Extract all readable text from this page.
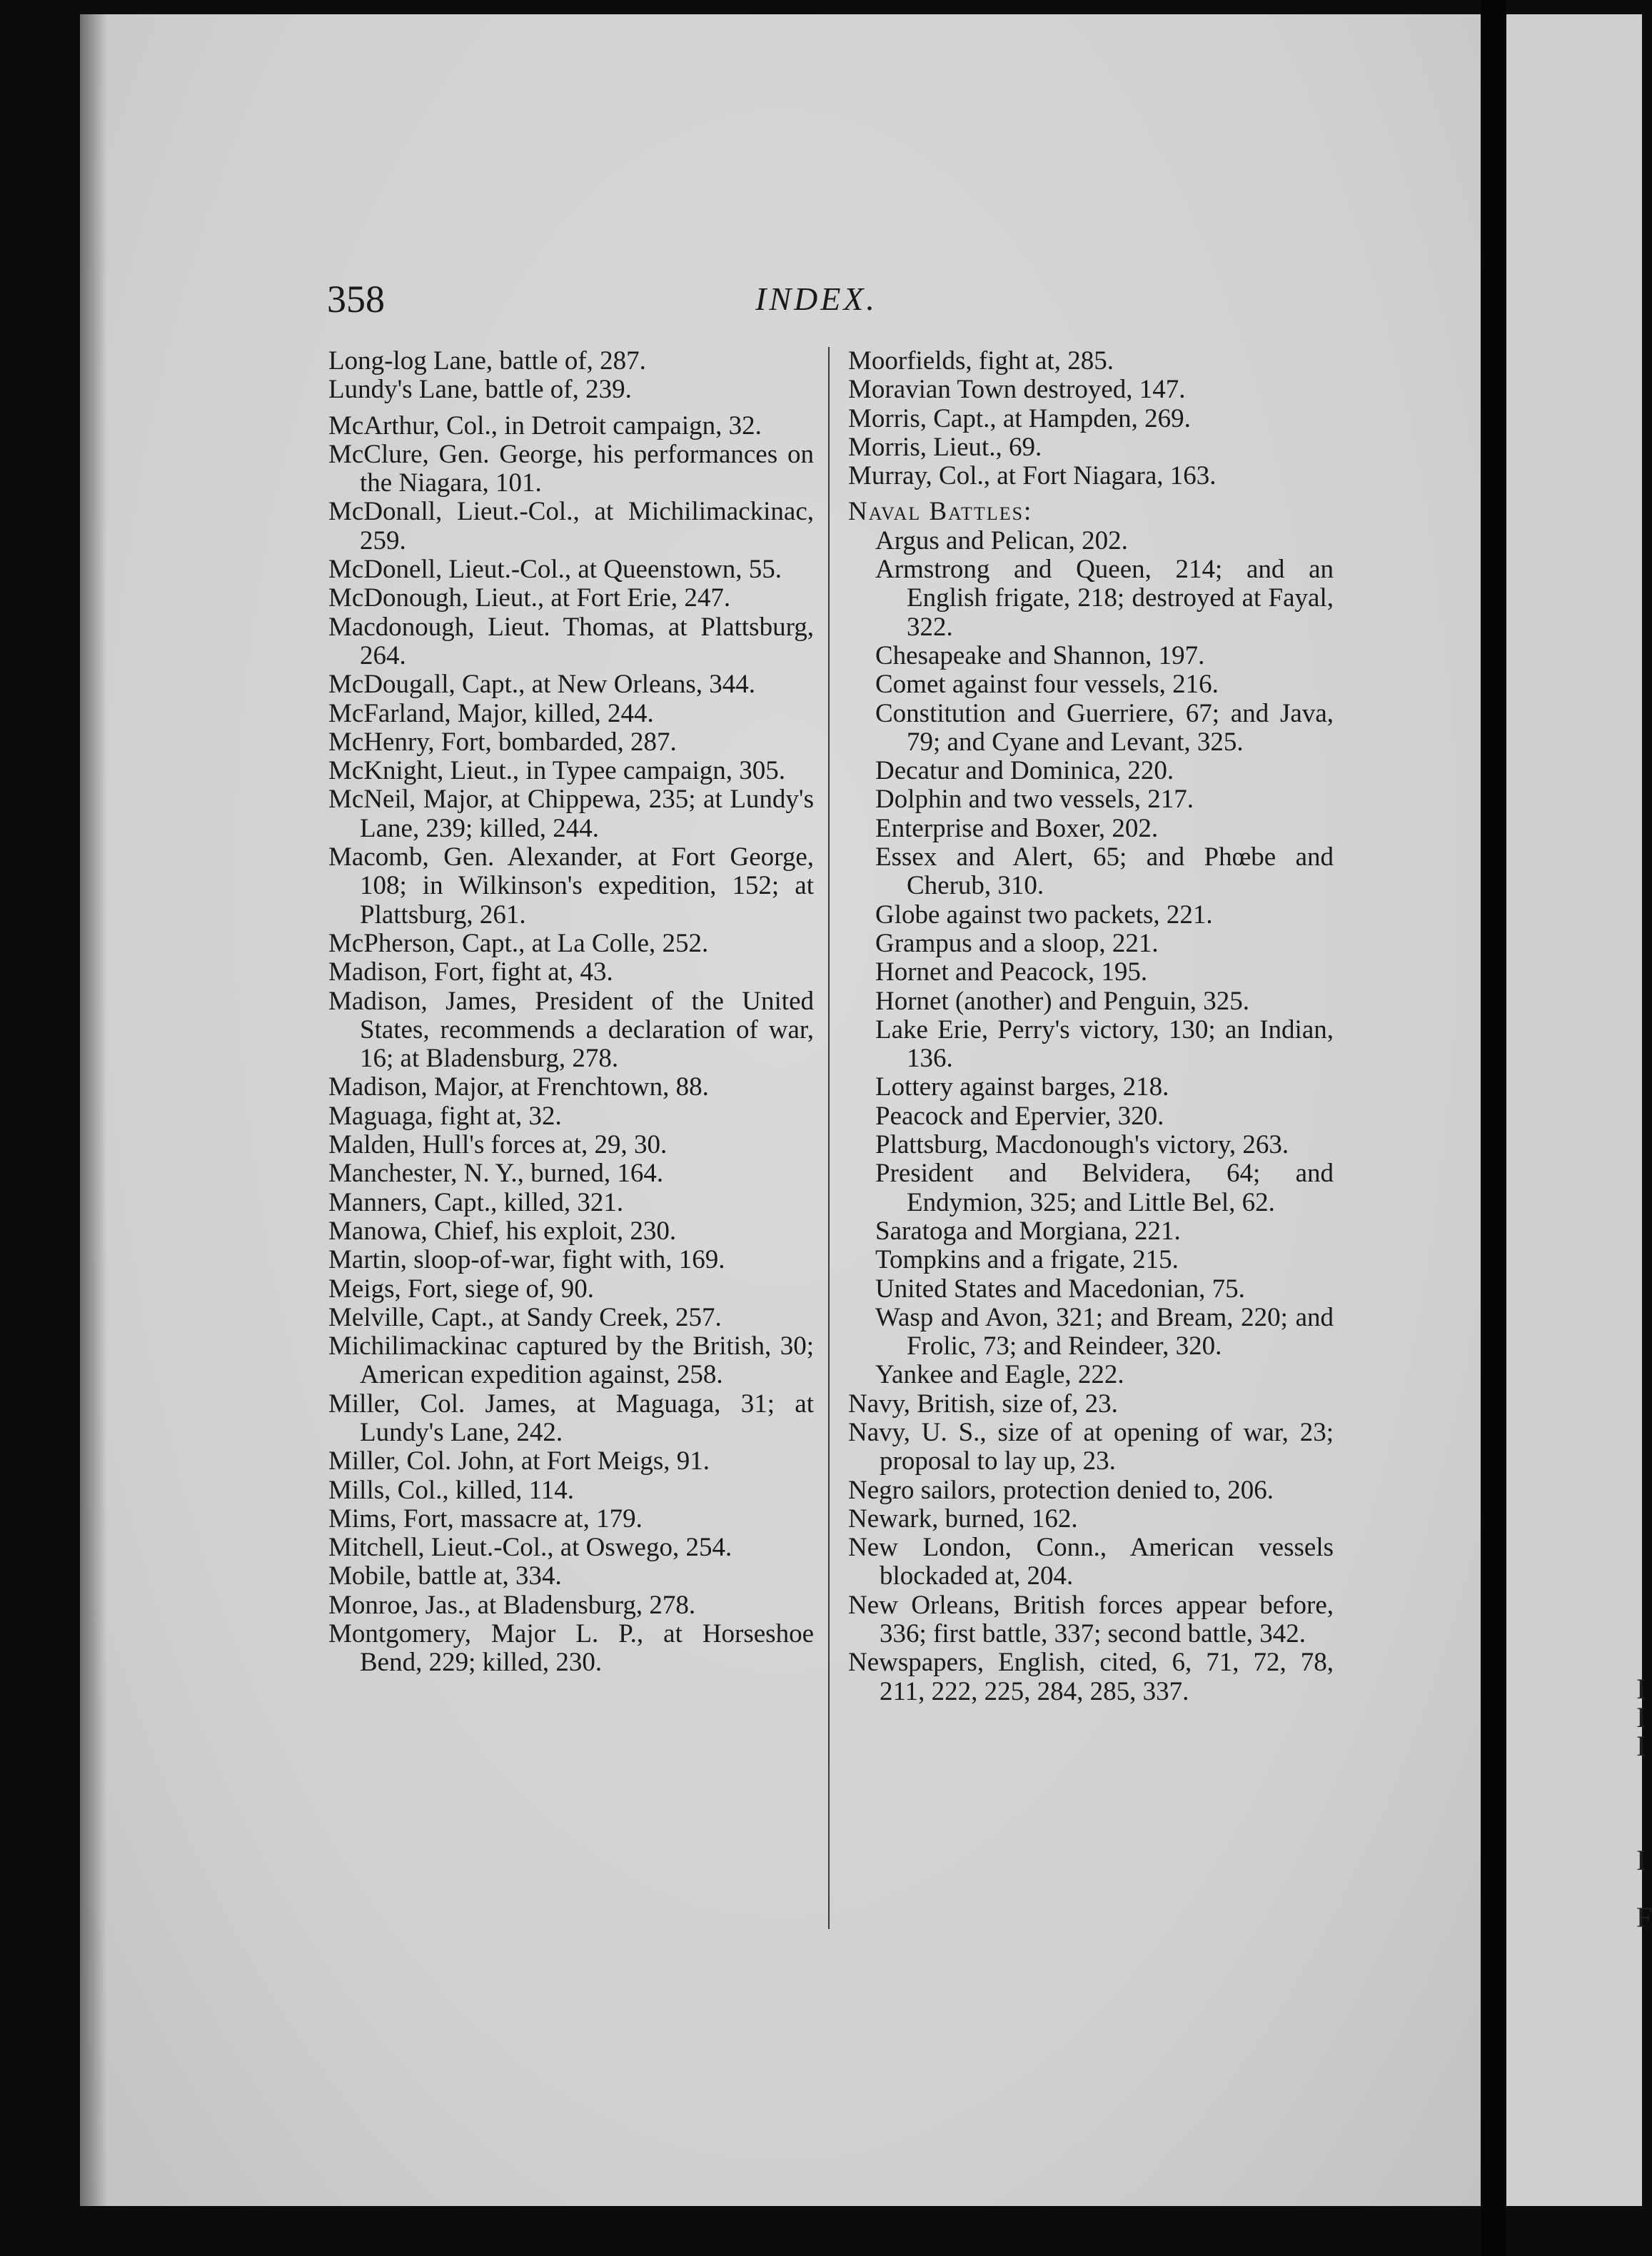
I
I
I
I
F
358	INDEX.
Long-log Lane, battle of, 287.
Lundy's Lane, battle of, 239.
McArthur, Col., in Detroit campaign, 32.
McClure, Gen. George, his performances on the Niagara, 101.
McDonall, Lieut.-Col., at Michilimackinac, 259.
McDonell, Lieut.-Col., at Queenstown, 55.
McDonough, Lieut., at Fort Erie, 247.
Macdonough, Lieut. Thomas, at Plattsburg, 264.
McDougall, Capt., at New Orleans, 344.
McFarland, Major, killed, 244.
McHenry, Fort, bombarded, 287.
McKnight, Lieut., in Typee campaign, 305.
McNeil, Major, at Chippewa, 235; at Lundy's Lane, 239; killed, 244.
Macomb, Gen. Alexander, at Fort George, 108; in Wilkinson's expedition, 152; at Plattsburg, 261.
McPherson, Capt., at La Colle, 252.
Madison, Fort, fight at, 43.
Madison, James, President of the United States, recommends a declaration of war, 16; at Bladensburg, 278.
Madison, Major, at Frenchtown, 88.
Maguaga, fight at, 32.
Malden, Hull's forces at, 29, 30.
Manchester, N. Y., burned, 164.
Manners, Capt., killed, 321.
Manowa, Chief, his exploit, 230.
Martin, sloop-of-war, fight with, 169.
Meigs, Fort, siege of, 90.
Melville, Capt., at Sandy Creek, 257.
Michilimackinac captured by the British, 30; American expedition against, 258.
Miller, Col. James, at Maguaga, 31; at Lundy's Lane, 242.
Miller, Col. John, at Fort Meigs, 91.
Mills, Col., killed, 114.
Mims, Fort, massacre at, 179.
Mitchell, Lieut.-Col., at Oswego, 254.
Mobile, battle at, 334.
Monroe, Jas., at Bladensburg, 278.
Montgomery, Major L. P., at Horseshoe Bend, 229; killed, 230.
Moorfields, fight at, 285.
Moravian Town destroyed, 147.
Morris, Capt., at Hampden, 269.
Morris, Lieut., 69.
Murray, Col., at Fort Niagara, 163.
Naval Battles:
Argus and Pelican, 202.
Armstrong and Queen, 214; and an English frigate, 218; destroyed at Fayal, 322.
Chesapeake and Shannon, 197.
Comet against four vessels, 216.
Constitution and Guerriere, 67; and Java, 79; and Cyane and Levant, 325.
Decatur and Dominica, 220.
Dolphin and two vessels, 217.
Enterprise and Boxer, 202.
Essex and Alert, 65; and Phœbe and Cherub, 310.
Globe against two packets, 221.
Grampus and a sloop, 221.
Hornet and Peacock, 195.
Hornet (another) and Penguin, 325.
Lake Erie, Perry's victory, 130; an Indian, 136.
Lottery against barges, 218.
Peacock and Epervier, 320.
Plattsburg, Macdonough's victory, 263.
President and Belvidera, 64; and Endymion, 325; and Little Bel, 62.
Saratoga and Morgiana, 221.
Tompkins and a frigate, 215.
United States and Macedonian, 75.
Wasp and Avon, 321; and Bream, 220; and Frolic, 73; and Reindeer, 320.
Yankee and Eagle, 222.
Navy, British, size of, 23.
Navy, U. S., size of at opening of war, 23; proposal to lay up, 23.
Negro sailors, protection denied to, 206.
Newark, burned, 162.
New London, Conn., American vessels blockaded at, 204.
New Orleans, British forces appear before, 336; first battle, 337; second battle, 342.
Newspapers, English, cited, 6, 71, 72, 78, 211, 222, 225, 284, 285, 337.
